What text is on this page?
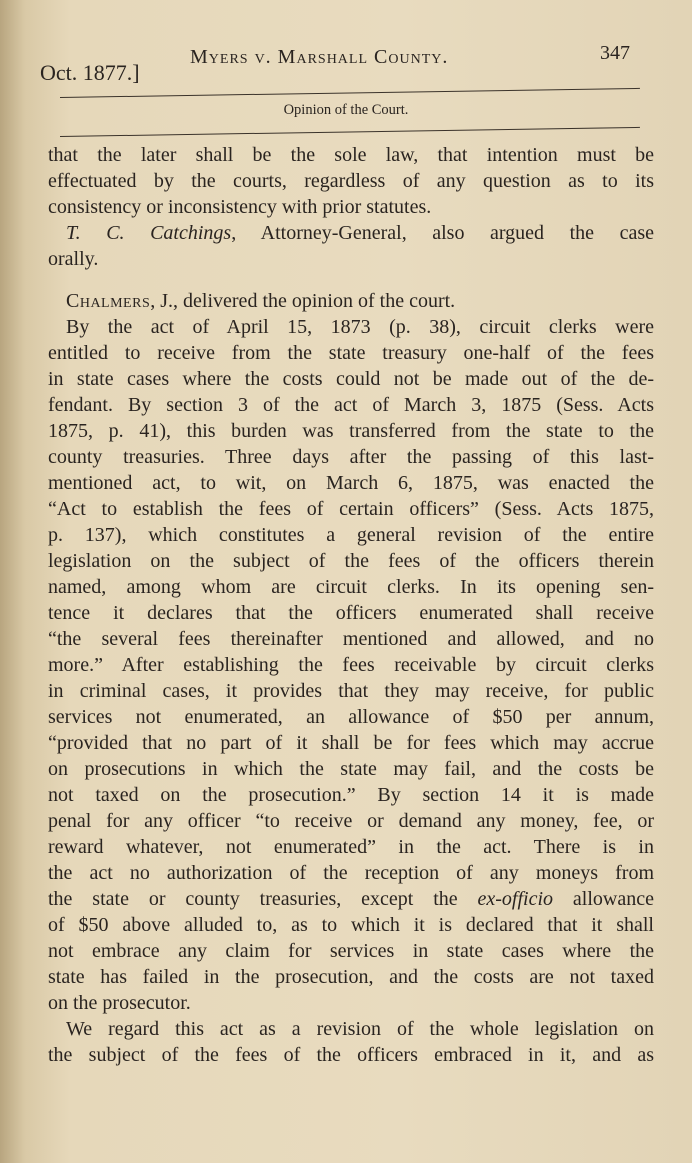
Oct. 1877.]
Myers v. Marshall County.	347
Opinion of the Court.
that the later shall be the sole law, that intention must be
effectuated by the courts, regardless of any question as to its
consistency or inconsistency with prior statutes.
T. C. Catchings, Attorney-General, also argued the case
orally.
Chalmers, J., delivered the opinion of the court.
By the act of April 15, 1873 (p. 38), circuit clerks were
entitled to receive from the state treasury one-half of the fees
in state cases where the costs could not be made out of the de-
fendant. By section 3 of the act of March 3, 1875 (Sess. Acts
1875, p. 41), this burden was transferred from the state to the
county treasuries. Three days after the passing of this last-
mentioned act, to wit, on March 6, 1875, was enacted the
“Act to establish the fees of certain officers” (Sess. Acts 1875,
p. 137), which constitutes a general revision of the entire
legislation on the subject of the fees of the officers therein
named, among whom are circuit clerks. In its opening sen-
tence it declares that the officers enumerated shall receive
“the several fees thereinafter mentioned and allowed, and no
more.” After establishing the fees receivable by circuit clerks
in criminal cases, it provides that they may receive, for public
services not enumerated, an allowance of $50 per annum,
“provided that no part of it shall be for fees which may accrue
on prosecutions in which the state may fail, and the costs be
not taxed on the prosecution.” By section 14 it is made
penal for any officer “to receive or demand any money, fee, or
reward whatever, not enumerated” in the act. There is in
the act no authorization of the reception of any moneys from
the state or county treasuries, except the ex-officio allowance
of $50 above alluded to, as to which it is declared that it shall
not embrace any claim for services in state cases where the
state has failed in the prosecution, and the costs are not taxed
on the prosecutor.
We regard this act as a revision of the whole legislation on
the subject of the fees of the officers embraced in it, and as
